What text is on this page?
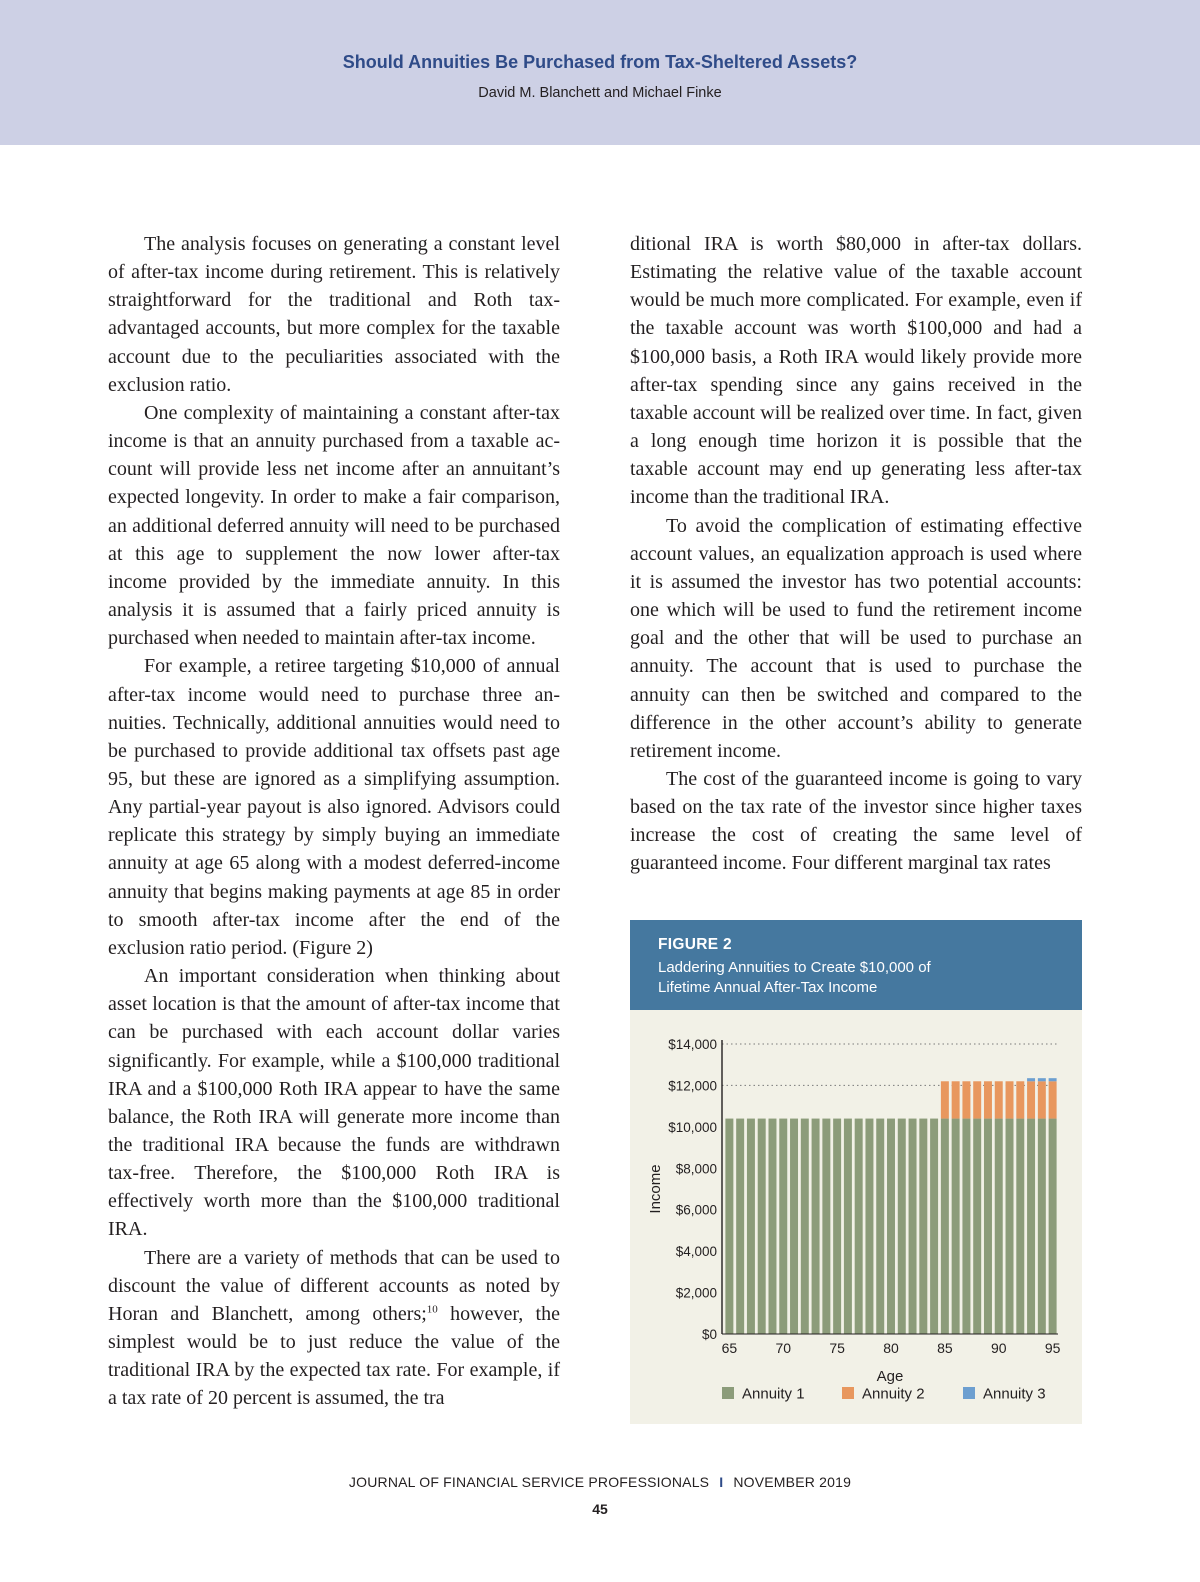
Should Annuities Be Purchased from Tax-Sheltered Assets?
David M. Blanchett and Michael Finke

The analysis focuses on generating a constant level of after-tax income during retirement. This is relatively straightforward for the traditional and Roth tax-advantaged accounts, but more complex for the taxable account due to the peculiarities associated with the exclusion ratio.

One complexity of maintaining a constant after-tax income is that an annuity purchased from a taxable account will provide less net income after an annuitant’s expected longevity. In order to make a fair comparison, an additional deferred annuity will need to be purchased at this age to supplement the now lower after-tax income provided by the immediate annuity. In this analysis it is assumed that a fairly priced annuity is purchased when needed to maintain after-tax income.

For example, a retiree targeting $10,000 of annual after-tax income would need to purchase three annuities. Technically, additional annuities would need to be purchased to provide additional tax offsets past age 95, but these are ignored as a simplifying assumption. Any partial-year payout is also ignored. Advisors could replicate this strategy by simply buying an immediate annuity at age 65 along with a modest deferred-income annuity that begins making payments at age 85 in order to smooth after-tax income after the end of the exclusion ratio period. (Figure 2)

An important consideration when thinking about asset location is that the amount of after-tax income that can be purchased with each account dollar varies significantly. For example, while a $100,000 traditional IRA and a $100,000 Roth IRA appear to have the same balance, the Roth IRA will generate more income than the traditional IRA because the funds are withdrawn tax-free. Therefore, the $100,000 Roth IRA is effectively worth more than the $100,000 traditional IRA.

There are a variety of methods that can be used to discount the value of different accounts as noted by Horan and Blanchett, among others;$^{10}$ however, the simplest would be to just reduce the value of the traditional IRA by the expected tax rate. For example, if a tax rate of 20 percent is assumed, the tra

ditional IRA is worth $80,000 in after-tax dollars. Estimating the relative value of the taxable account would be much more complicated. For example, even if the taxable account was worth $100,000 and had a $100,000 basis, a Roth IRA would likely provide more after-tax spending since any gains received in the taxable account will be realized over time. In fact, given a long enough time horizon it is possible that the taxable account may end up generating less after-tax income than the traditional IRA.

To avoid the complication of estimating effective account values, an equalization approach is used where it is assumed the investor has two potential accounts: one which will be used to fund the retirement income goal and the other that will be used to purchase an annuity. The account that is used to purchase the annuity can then be switched and compared to the difference in the other account’s ability to generate retirement income.

The cost of the guaranteed income is going to vary based on the tax rate of the investor since higher taxes increase the cost of creating the same level of guaranteed income. Four different marginal tax rates

FIGURE 2
Laddering Annuities to Create $10,000 of
Lifetime Annual After-Tax Income
$0
$2,000
$4,000
$6,000
$8,000
$10,000
$12,000
$14,000
65	70	75	80	85	90	95
Age
Income
Annuity 1	Annuity 2	Annuity 3
JOURNAL OF FINANCIAL SERVICE PROFESSIONALS I NOVEMBER 2019
45
